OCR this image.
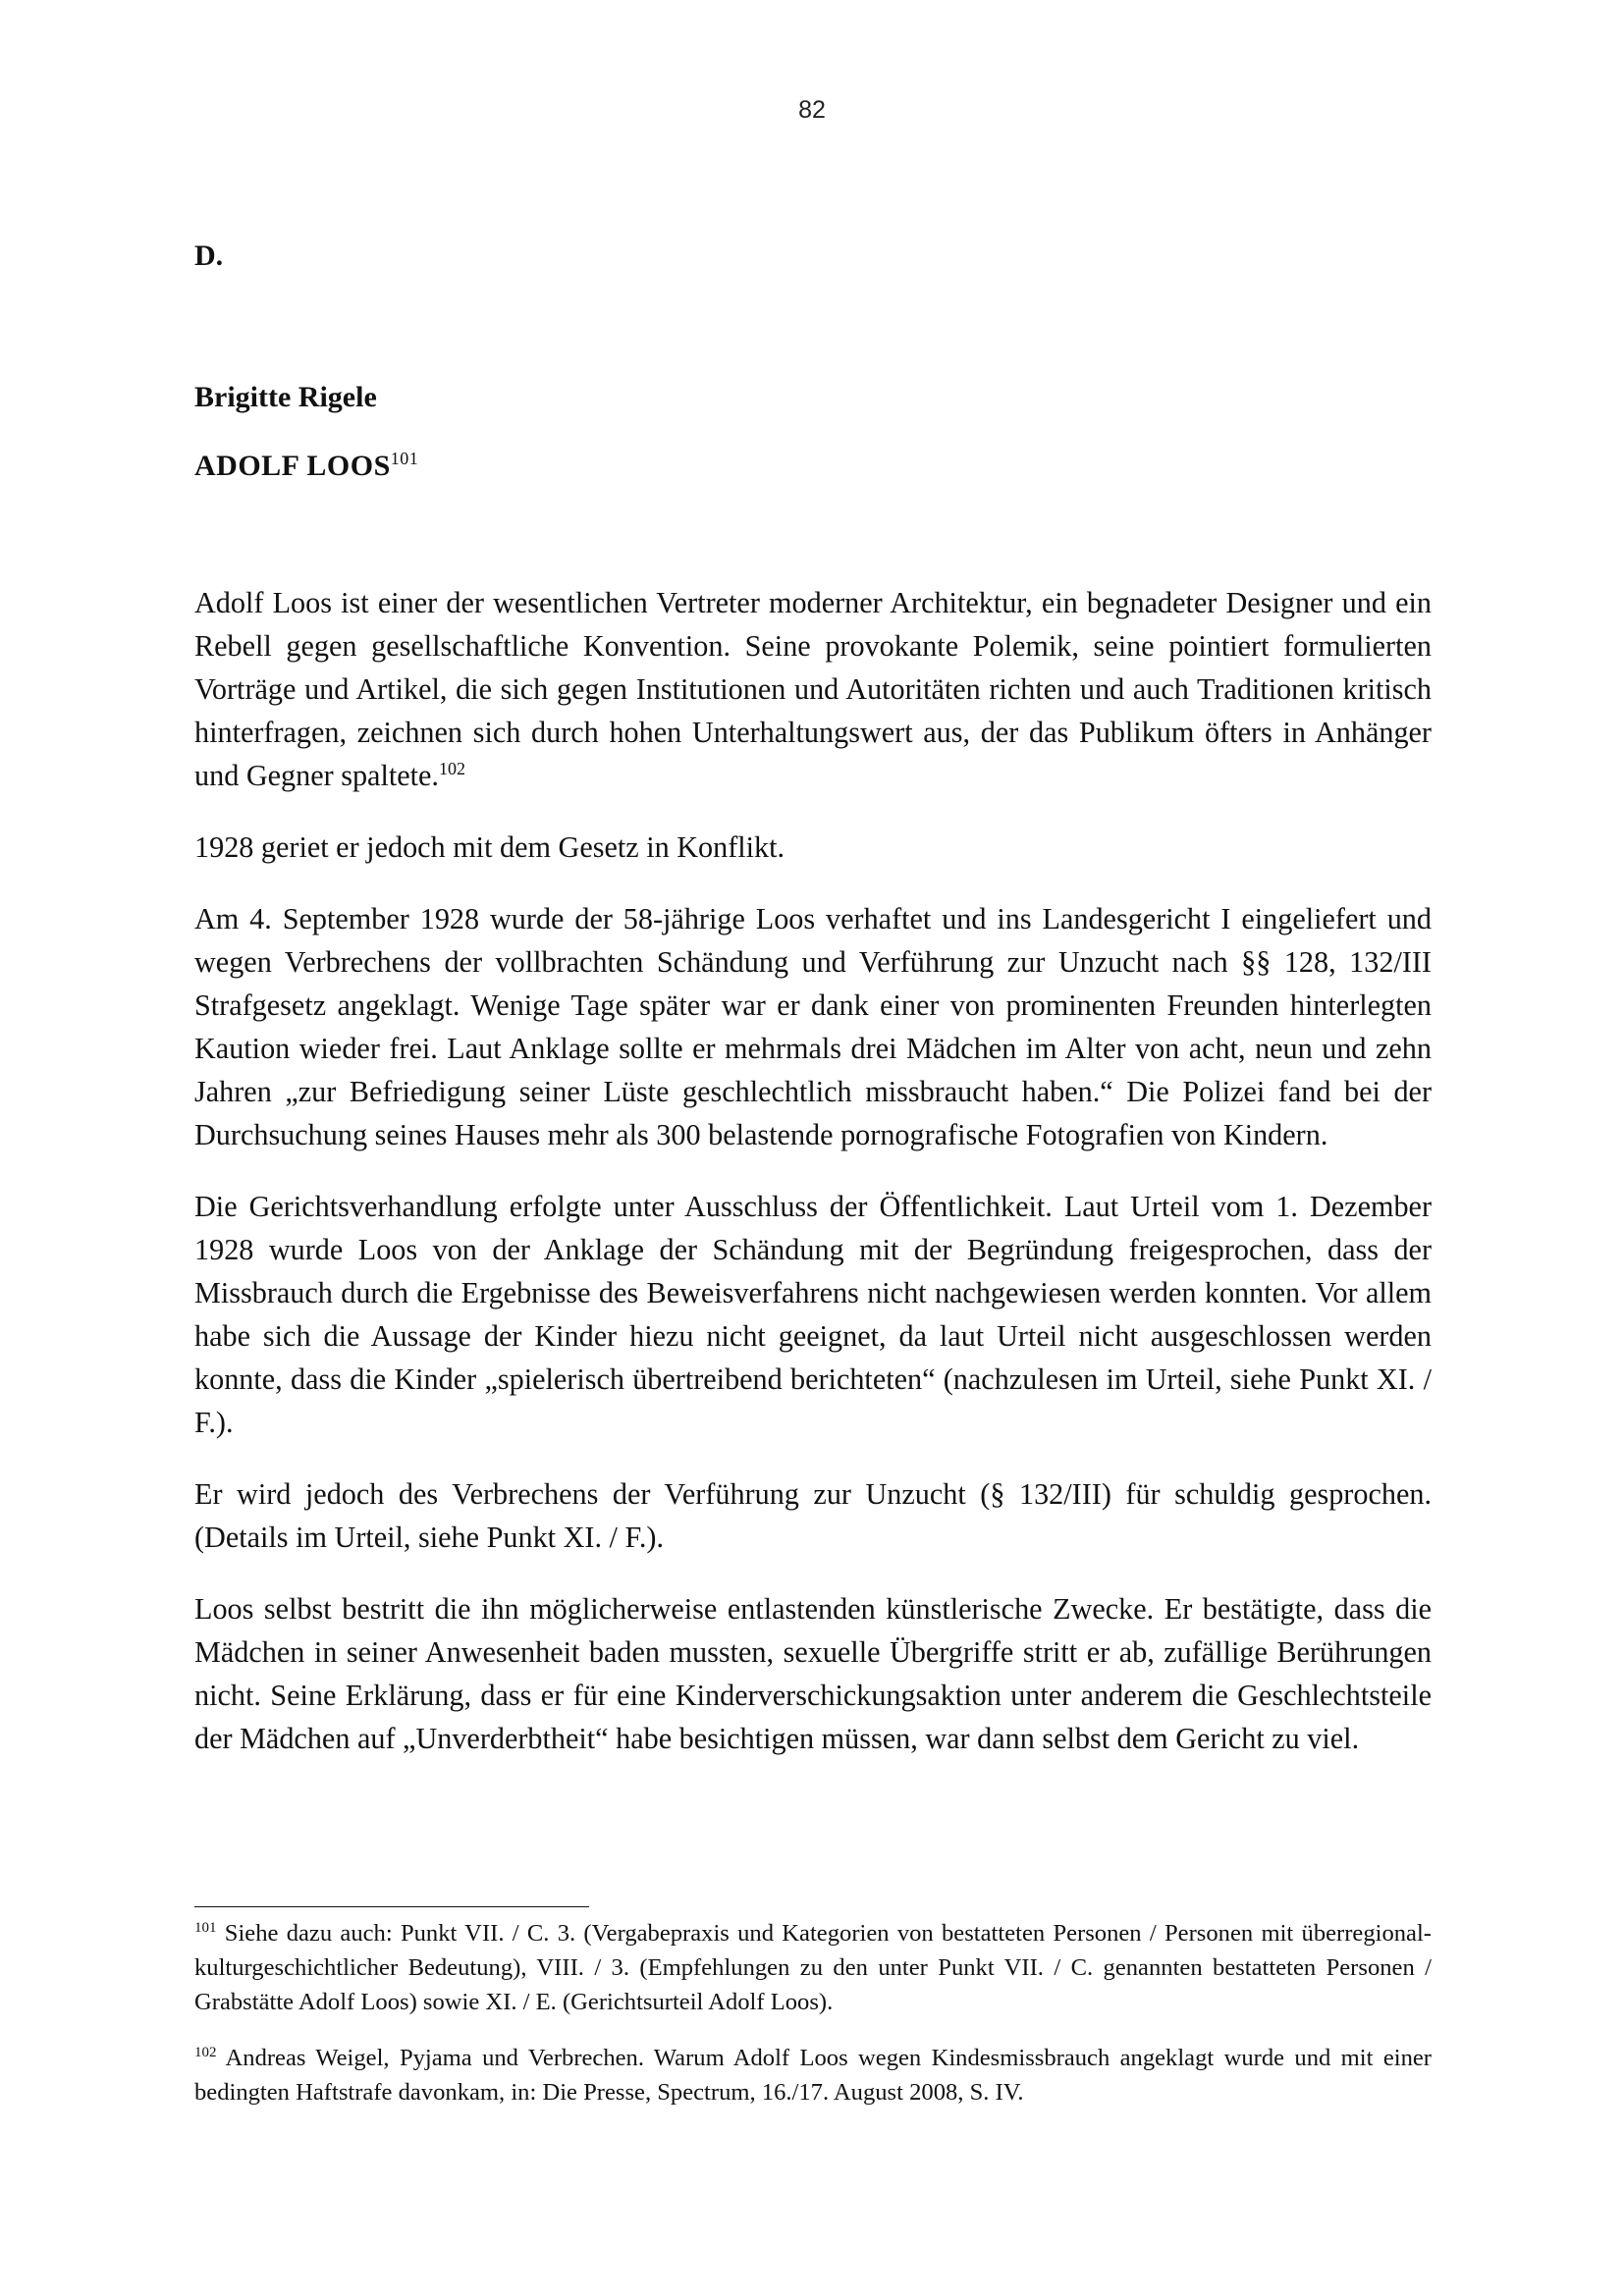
82
D.
Brigitte Rigele
ADOLF LOOS$^{101}$

Adolf Loos ist einer der wesentlichen Vertreter moderner Architektur, ein begnadeter Designer und ein Rebell gegen gesellschaftliche Konvention. Seine provokante Polemik, seine pointiert formulierten Vorträge und Artikel, die sich gegen Institutionen und Autoritäten richten und auch Traditionen kritisch hinterfragen, zeichnen sich durch hohen Unterhaltungswert aus, der das Publikum öfters in Anhänger und Gegner spaltete.$^{102}$

1928 geriet er jedoch mit dem Gesetz in Konflikt.

Am 4. September 1928 wurde der 58-jährige Loos verhaftet und ins Landesgericht I eingeliefert und wegen Verbrechens der vollbrachten Schändung und Verführung zur Unzucht nach §§ 128, 132/III Strafgesetz angeklagt. Wenige Tage später war er dank einer von prominenten Freunden hinterlegten Kaution wieder frei. Laut Anklage sollte er mehrmals drei Mädchen im Alter von acht, neun und zehn Jahren „zur Befriedigung seiner Lüste geschlechtlich missbraucht haben.“ Die Polizei fand bei der Durchsuchung seines Hauses mehr als 300 belastende pornografische Fotografien von Kindern.

Die Gerichtsverhandlung erfolgte unter Ausschluss der Öffentlichkeit. Laut Urteil vom 1. Dezember 1928 wurde Loos von der Anklage der Schändung mit der Begründung freigesprochen, dass der Missbrauch durch die Ergebnisse des Beweisverfahrens nicht nachgewiesen werden konnten. Vor allem habe sich die Aussage der Kinder hiezu nicht geeignet, da laut Urteil nicht ausgeschlossen werden konnte, dass die Kinder „spielerisch übertreibend berichteten“ (nachzulesen im Urteil, siehe Punkt XI. / F.).

Er wird jedoch des Verbrechens der Verführung zur Unzucht (§ 132/III) für schuldig gesprochen. (Details im Urteil, siehe Punkt XI. / F.).

Loos selbst bestritt die ihn möglicherweise entlastenden künstlerische Zwecke. Er bestätigte, dass die Mädchen in seiner Anwesenheit baden mussten, sexuelle Übergriffe stritt er ab, zufällige Berührungen nicht. Seine Erklärung, dass er für eine Kinderverschickungsaktion unter anderem die Geschlechtsteile der Mädchen auf „Unverderbtheit“ habe besichtigen müssen, war dann selbst dem Gericht zu viel.

$^{101}$ Siehe dazu auch: Punkt VII. / C. 3. (Vergabepraxis und Kategorien von bestatteten Personen / Personen mit überregional-kulturgeschichtlicher Bedeutung), VIII. / 3. (Empfehlungen zu den unter Punkt VII. / C. genannten bestatteten Personen / Grabstätte Adolf Loos) sowie XI. / E. (Gerichtsurteil Adolf Loos).

$^{102}$ Andreas Weigel, Pyjama und Verbrechen. Warum Adolf Loos wegen Kindesmissbrauch angeklagt wurde und mit einer bedingten Haftstrafe davonkam, in: Die Presse, Spectrum, 16./17. August 2008, S. IV.
